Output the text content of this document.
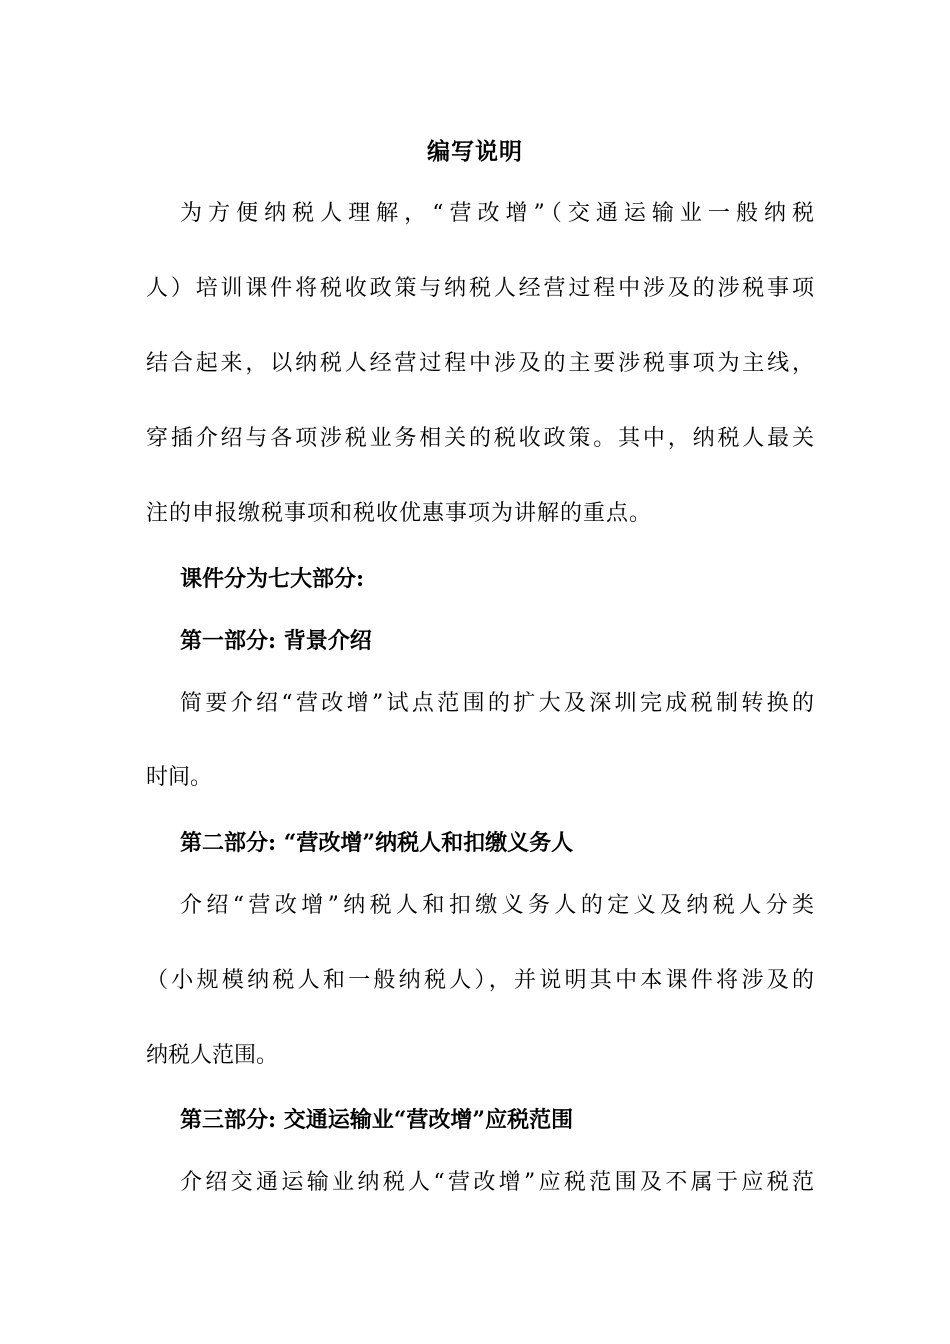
编写说明
为方便纳税人理解，“营改增”（交通运输业一般纳税
人）培训课件将税收政策与纳税人经营过程中涉及的涉税事项
结合起来，以纳税人经营过程中涉及的主要涉税事项为主线，
穿插介绍与各项涉税业务相关的税收政策。其中，纳税人最关
注的申报缴税事项和税收优惠事项为讲解的重点。
课件分为七大部分:
第一部分: 背景介绍
简要介绍“营改增”试点范围的扩大及深圳完成税制转换的
时间。
第二部分: “营改增”纳税人和扣缴义务人
介绍“营改增”纳税人和扣缴义务人的定义及纳税人分类
（小规模纳税人和一般纳税人），并说明其中本课件将涉及的
纳税人范围。
第三部分: 交通运输业“营改增”应税范围
介绍交通运输业纳税人“营改增”应税范围及不属于应税范
